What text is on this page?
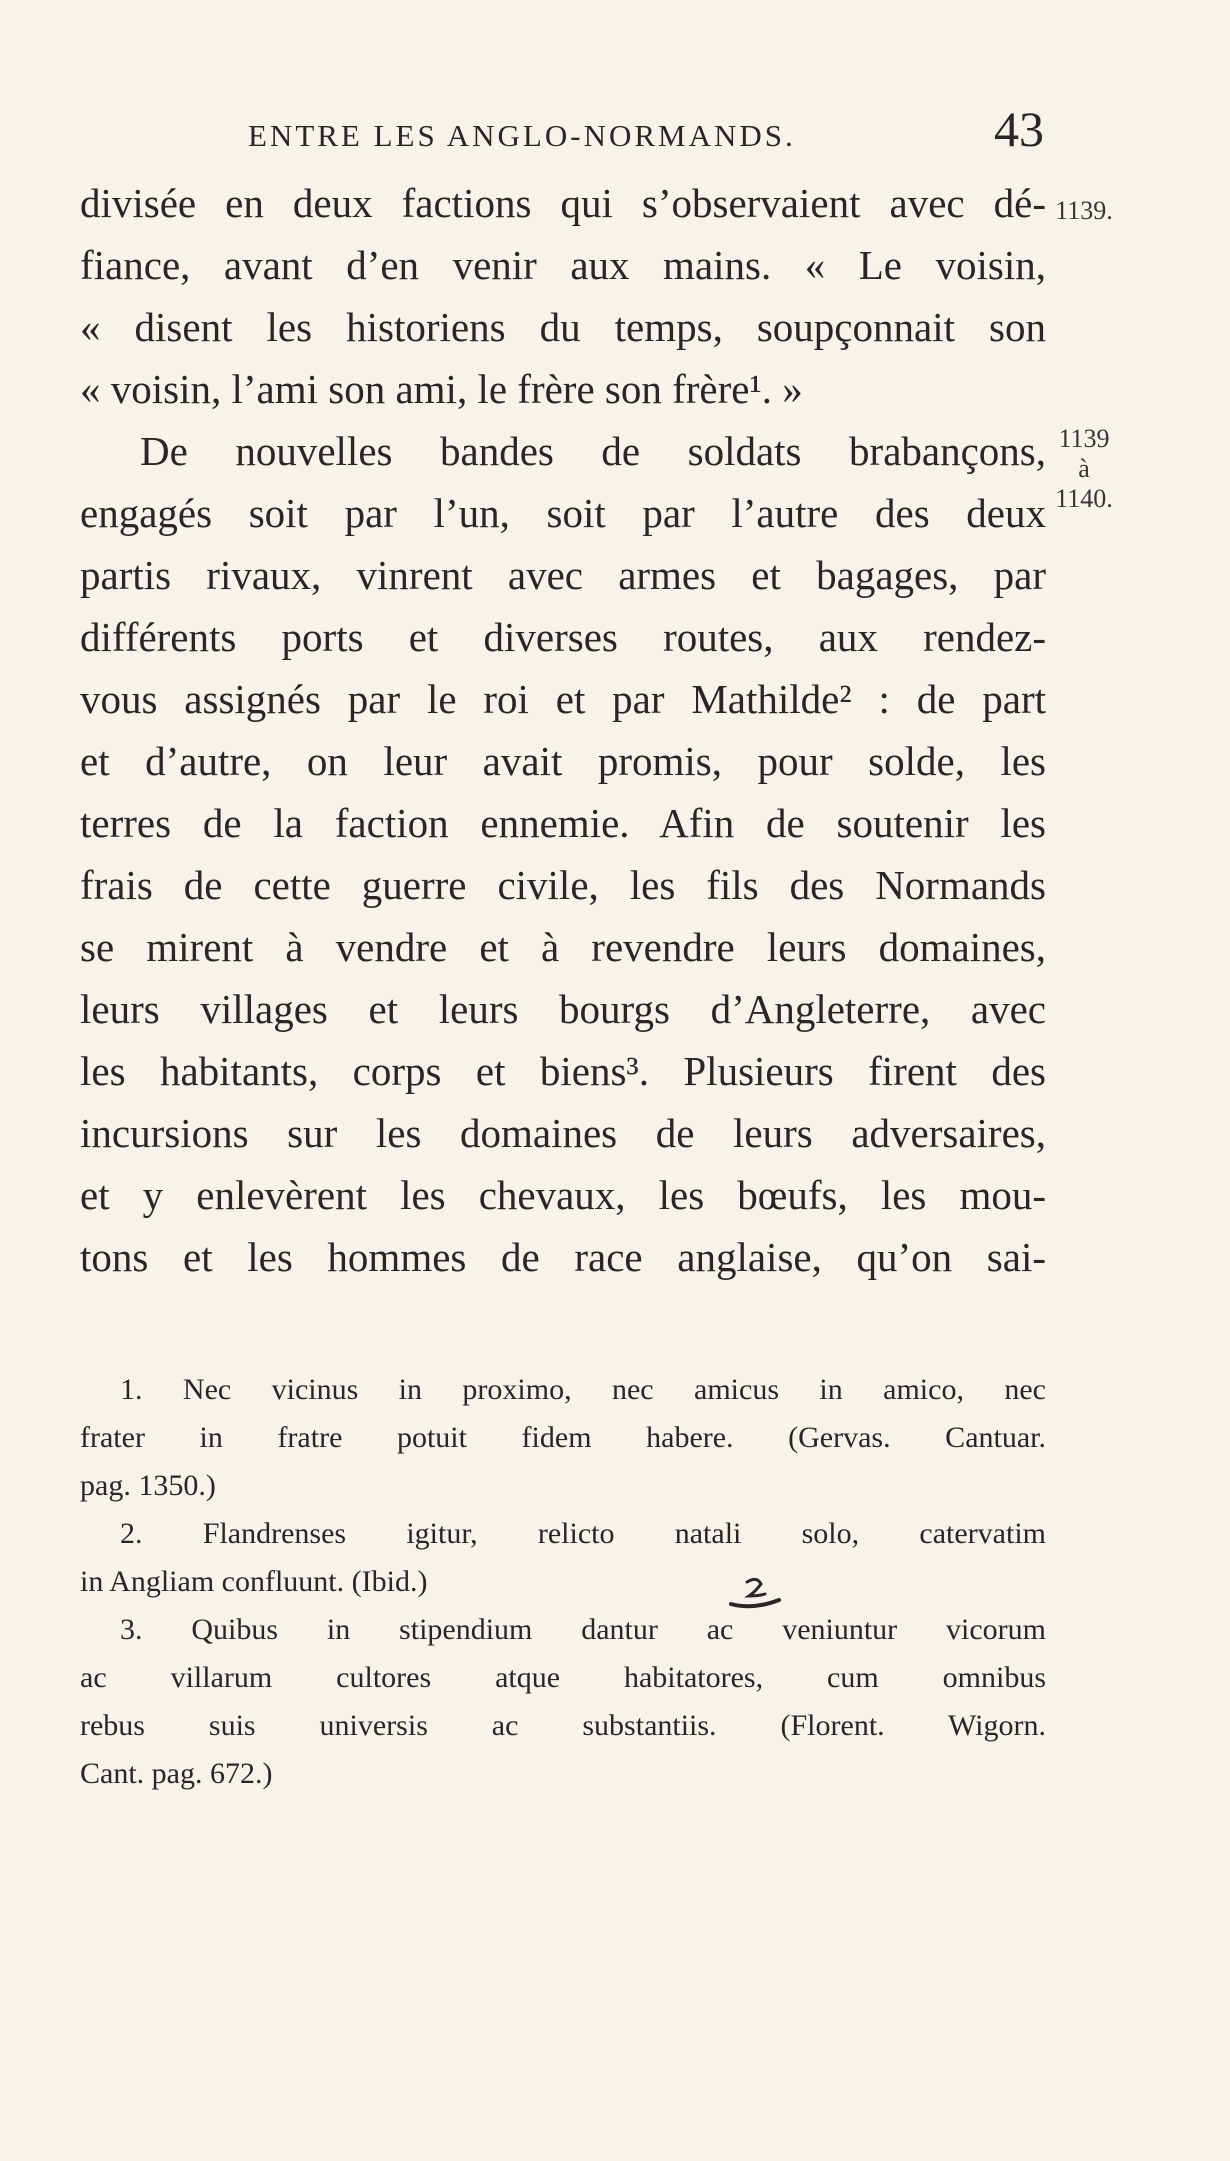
ENTRE LES ANGLO-NORMANDS.	43
1139.
1139
à
1140.
divisée en deux factions qui s’observaient avec dé-
fiance, avant d’en venir aux mains. « Le voisin,
« disent les historiens du temps, soupçonnait son
« voisin, l’ami son ami, le frère son frère¹. »
De nouvelles bandes de soldats brabançons,
engagés soit par l’un, soit par l’autre des deux
partis rivaux, vinrent avec armes et bagages, par
différents ports et diverses routes, aux rendez-
vous assignés par le roi et par Mathilde² : de part
et d’autre, on leur avait promis, pour solde, les
terres de la faction ennemie. Afin de soutenir les
frais de cette guerre civile, les fils des Normands
se mirent à vendre et à revendre leurs domaines,
leurs villages et leurs bourgs d’Angleterre, avec
les habitants, corps et biens³. Plusieurs firent des
incursions sur les domaines de leurs adversaires,
et y enlevèrent les chevaux, les bœufs, les mou-
tons et les hommes de race anglaise, qu’on sai-
1. Nec vicinus in proximo, nec amicus in amico, nec
frater in fratre potuit fidem habere. (Gervas. Cantuar.
pag. 1350.)
2. Flandrenses igitur, relicto natali solo, catervatim
in Angliam confluunt. (Ibid.)
3. Quibus in stipendium dantur ac veniuntur vicorum
ac villarum cultores atque habitatores, cum omnibus
rebus suis universis ac substantiis. (Florent. Wigorn.
Cant. pag. 672.)
